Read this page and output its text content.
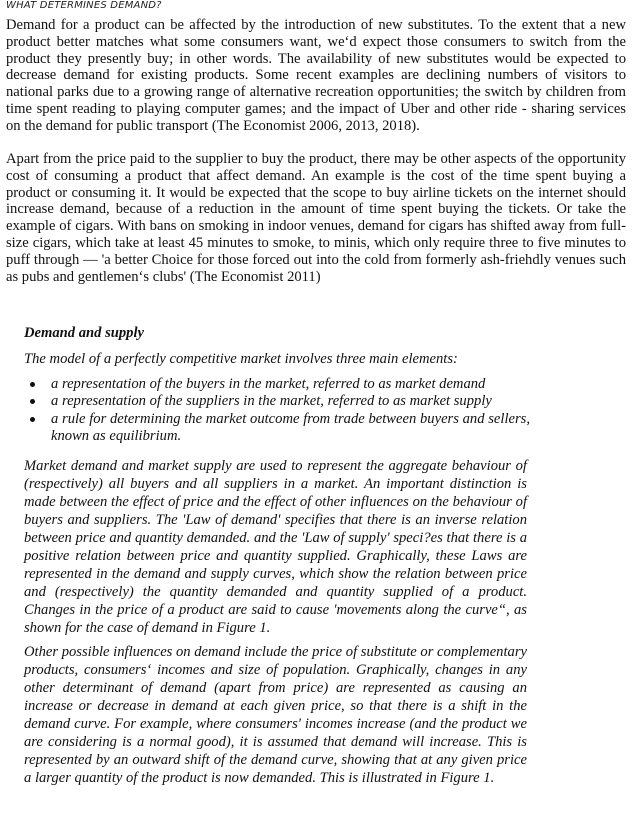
WHAT DETERMINES DEMAND?

Demand for a product can be affected by the introduction of new substitutes. To the extent that a new product better matches what some consumers want, we‘d expect those consumers to switch from the product they presently buy; in other words. The availability of new substitutes would be expected to decrease demand for existing products. Some recent examples are declining numbers of visitors to national parks due to a growing range of alternative recreation opportunities; the switch by children from time spent reading to playing computer games; and the impact of Uber and other ride - sharing services on the demand for public transport (The Economist 2006, 2013, 2018).

Apart from the price paid to the supplier to buy the product, there may be other aspects of the opportunity cost of consuming a product that affect demand. An example is the cost of the time spent buying a product or consuming it. It would be expected that the scope to buy airline tickets on the internet should increase demand, because of a reduction in the amount of time spent buying the tickets. Or take the example of cigars. With bans on smoking in indoor venues, demand for cigars has shifted away from full-size cigars, which take at least 45 minutes to smoke, to minis, which only require three to five minutes to puff through — 'a better Choice for those forced out into the cold from formerly ash-friehdly venues such as pubs and gentlemen‘s clubs' (The Economist 2011)

Demand and supply
The model of a perfectly competitive market involves three main elements:
a representation of the buyers in the market, referred to as market demand
a representation of the suppliers in the market, referred to as market supply
a rule for determining the market outcome from trade between buyers and sellers, known as equilibrium.

Market demand and market supply are used to represent the aggregate behaviour of (respectively) all buyers and all suppliers in a market. An important distinction is made between the effect of price and the effect of other influences on the behaviour of buyers and suppliers. The 'Law of demand' specifies that there is an inverse relation between price and quantity demanded. and the 'Law of supply' speci?es that there is a positive relation between price and quantity supplied. Graphically, these Laws are represented in the demand and supply curves, which show the relation between price and (respectively) the quantity demanded and quantity supplied of a product. Changes in the price of a product are said to cause 'movements along the curve“, as shown for the case of demand in Figure 1.

Other possible influences on demand include the price of substitute or complementary products, consumers‘ incomes and size of population. Graphically, changes in any other determinant of demand (apart from price) are represented as causing an increase or decrease in demand at each given price, so that there is a shift in the demand curve. For example, where consumers' incomes increase (and the product we are considering is a normal good), it is assumed that demand will increase. This is represented by an outward shift of the demand curve, showing that at any given price a larger quantity of the product is now demanded. This is illustrated in Figure 1.
